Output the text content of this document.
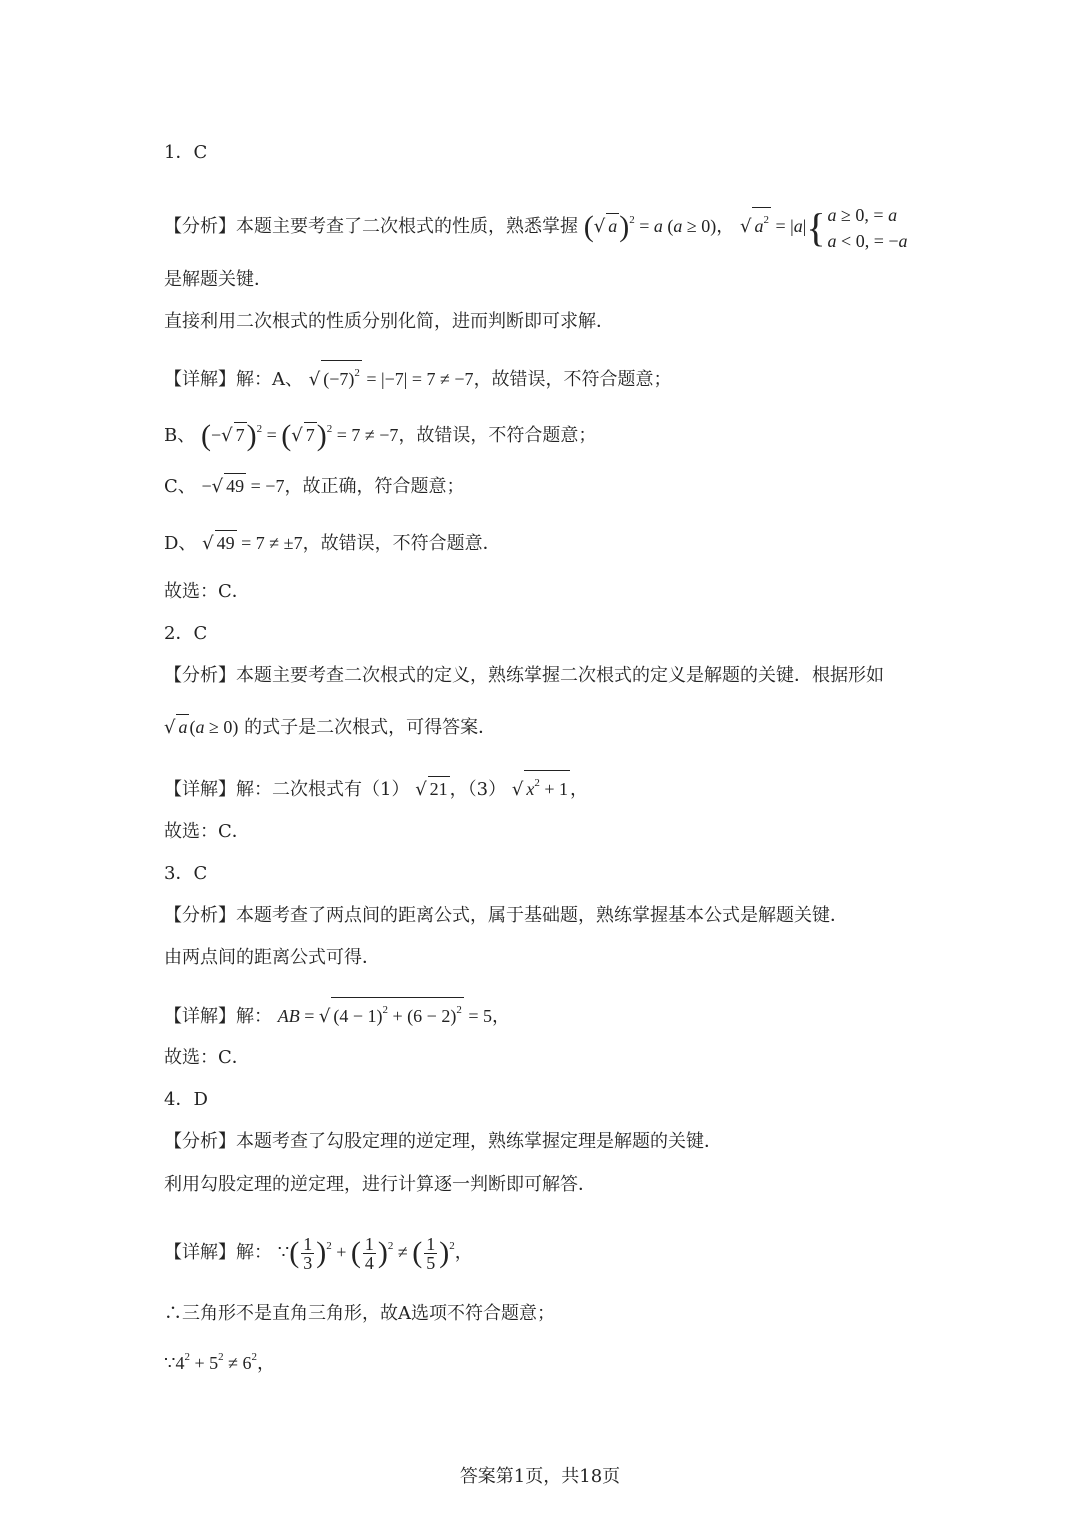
1．C
【分析】本题主要考查了二次根式的性质，熟悉掌握 (√ a)$^2$ = a (a ≥ 0)， √ $a^2 = |a|$ { a ≥ 0, = a
a < 0, = −a
是解题关键．
直接利用二次根式的性质分别化简，进而判断即可求解．
【详解】解：A、 √ $(-7)^2 = |-7| = 7 \ne -7$，故错误，不符合题意；
B、 (−√ 7)$^2$ = (√ 7)$^2$ = 7 ≠ −7，故错误，不符合题意；
C、 −√ 49 = −7，故正确，符合题意；
D、 √ 49 = 7 ≠ ±7，故错误，不符合题意．
故选：C．
2．C
【分析】本题主要考查二次根式的定义，熟练掌握二次根式的定义是解题的关键．根据形如
√ a (a ≥ 0) 的式子是二次根式，可得答案．
【详解】解：二次根式有（1） √ 21 ，（3） √ $x^2 + 1$ ，
故选：C．
3．C
【分析】本题考查了两点间的距离公式，属于基础题，熟练掌握基本公式是解题关键．
由两点间的距离公式可得．
【详解】解： AB = √ $(4 - 1)^2 + (6 - 2)^2 = 5$，
故选：C．
4．D
【分析】本题考查了勾股定理的逆定理，熟练掌握定理是解题的关键．
利用勾股定理的逆定理，进行计算逐一判断即可解答．
【详解】解： ∵( $\frac{1}{3} )^2$ + ( $\frac{1}{4} )^2$ ≠ ( $\frac{1}{5} )^2$，
∴三角形不是直角三角形，故A选项不符合题意；
$\because 4^2 + 5^2 \ne 6^2$，
答案第1页，共18页
